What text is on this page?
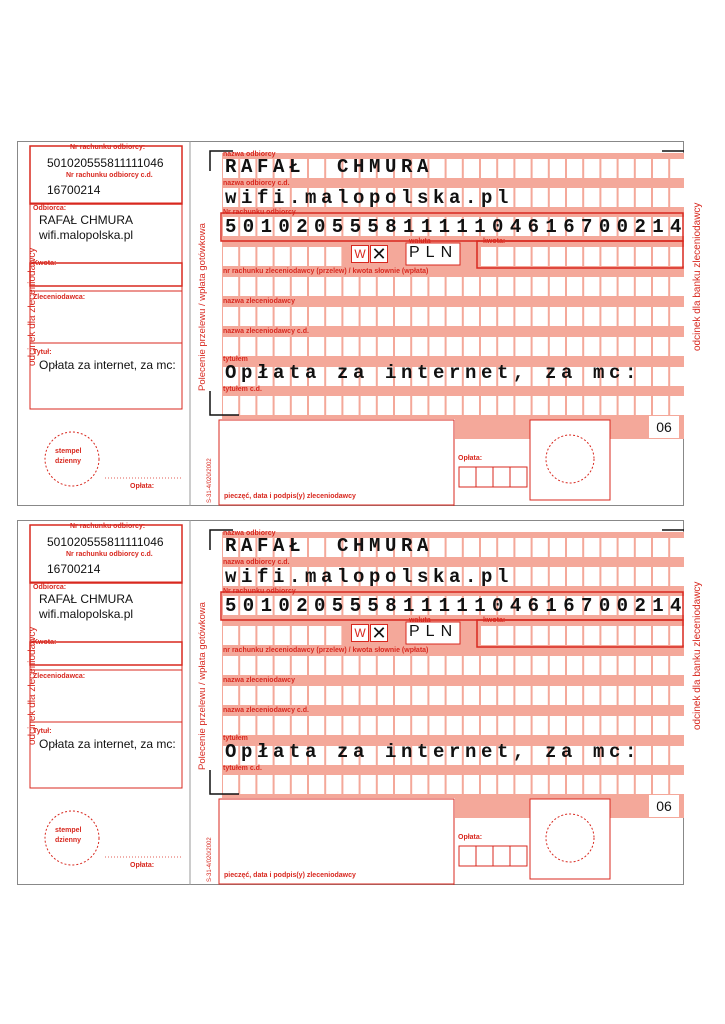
Nr rachunku odbiorcy:
501020555811111046
Nr rachunku odbiorcy c.d.
16700214
Odbiorca:
RAFAŁ CHMURA
wifi.malopolska.pl
Kwota:
Zleceniodawca:
Tytuł:
Opłata za internet, za mc:
stempel
dzienny
Opłata:
odcinek dla zleceniodawcy	Polecenie przelewu / wpłata gotówkowa	odcinek dla banku zleceniodawcy
S-31-4/020/2002
nazwa odbiorcy
RAFAŁ  CHMURA
nazwa odbiorcy c.d.
wifi.malopolska.pl
Nr rachunku odbiorcy
50102055581111104616700214
W ✕
waluta
PLN
kwota:
nr rachunku zleceniodawcy (przelew) / kwota słownie (wpłata)
nazwa zleceniodawcy
nazwa zleceniodawcy c.d.
tytułem
Opłata za internet, za mc:
tytułem c.d.
06
Opłata:
pieczęć, data i podpis(y) zleceniodawcy
Nr rachunku odbiorcy:
501020555811111046
Nr rachunku odbiorcy c.d.
16700214
Odbiorca:
RAFAŁ CHMURA
wifi.malopolska.pl
Kwota:
Zleceniodawca:
Tytuł:
Opłata za internet, za mc:
stempel
dzienny
Opłata:
odcinek dla zleceniodawcy	Polecenie przelewu / wpłata gotówkowa	odcinek dla banku zleceniodawcy
S-31-4/020/2002
nazwa odbiorcy
RAFAŁ  CHMURA
nazwa odbiorcy c.d.
wifi.malopolska.pl
Nr rachunku odbiorcy
50102055581111104616700214
W ✕
waluta
PLN
kwota:
nr rachunku zleceniodawcy (przelew) / kwota słownie (wpłata)
nazwa zleceniodawcy
nazwa zleceniodawcy c.d.
tytułem
Opłata za internet, za mc:
tytułem c.d.
06
Opłata:
pieczęć, data i podpis(y) zleceniodawcy
